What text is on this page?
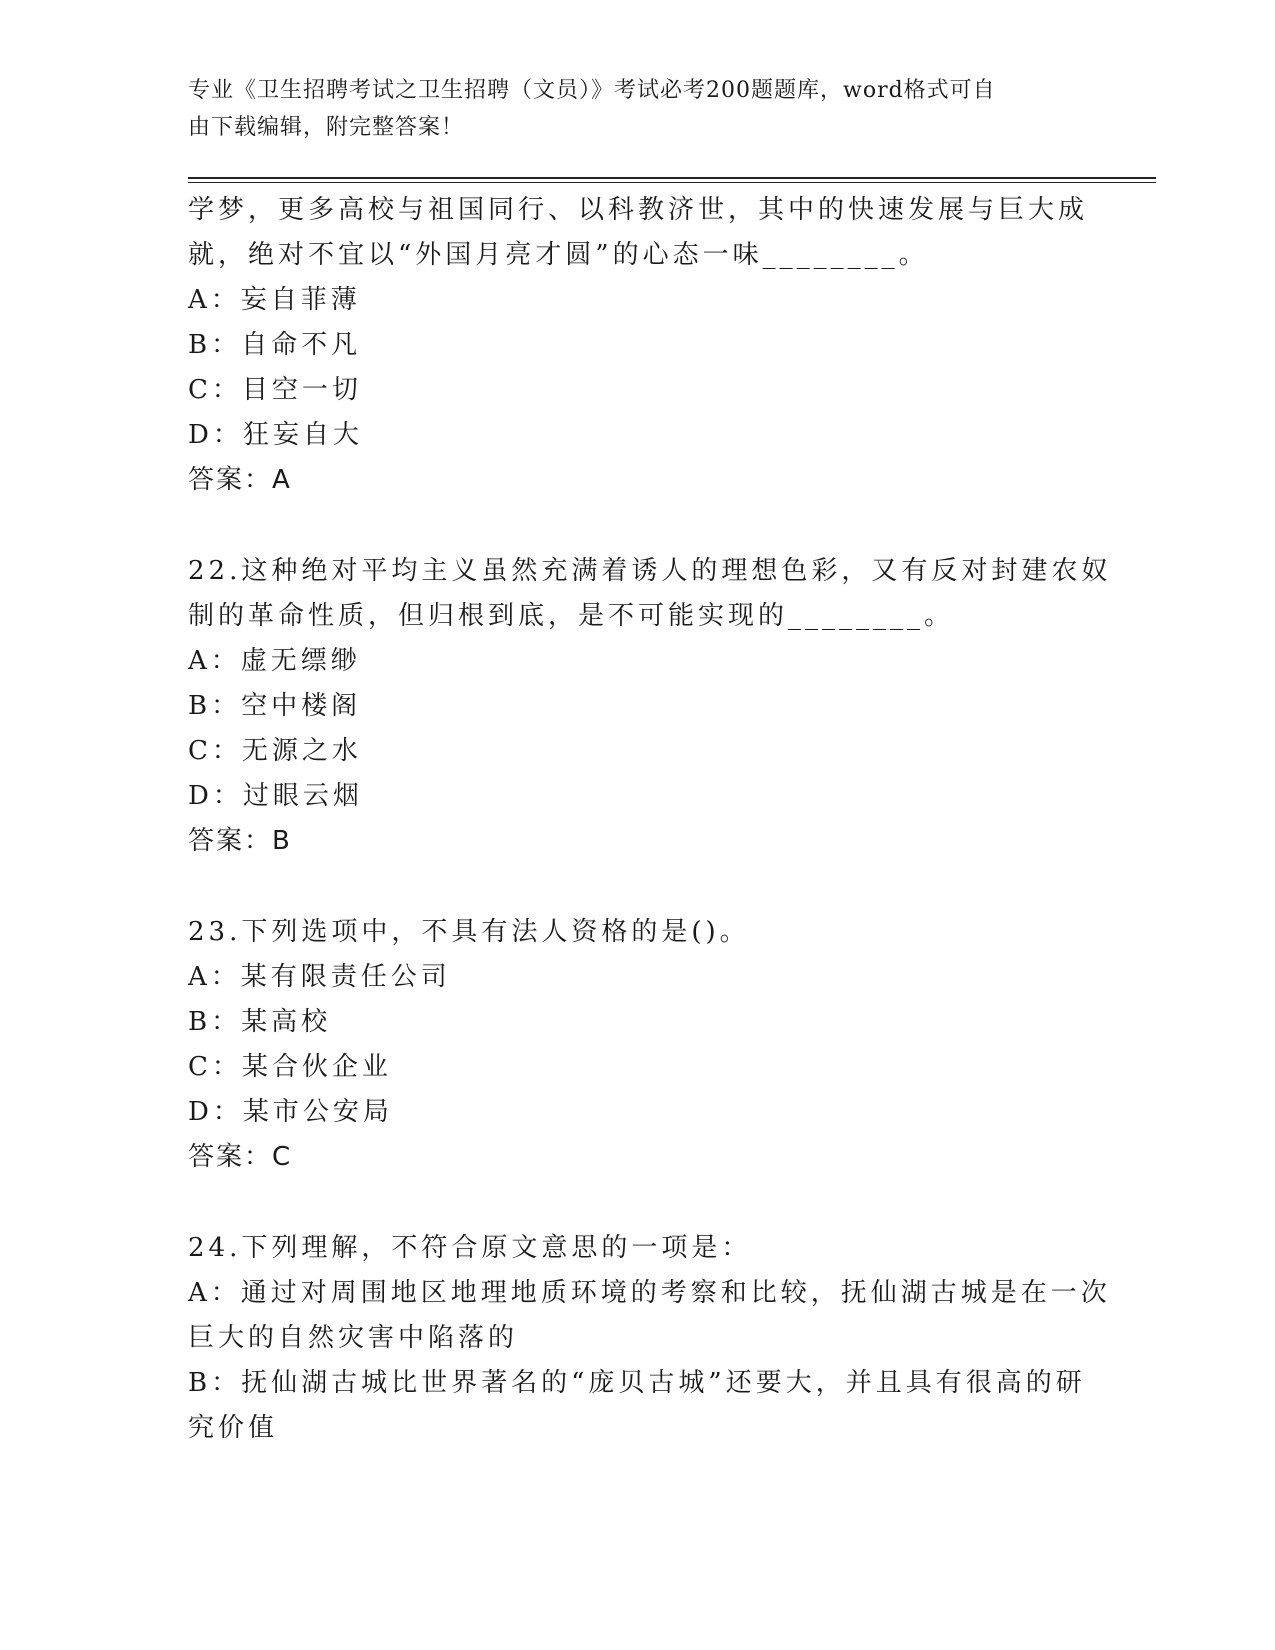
专业《卫生招聘考试之卫生招聘（文员）》考试必考200题题库，word格式可自
由下载编辑，附完整答案！
学梦，更多高校与祖国同行、以科教济世，其中的快速发展与巨大成
就，绝对不宜以“外国月亮才圆”的心态一味________。
A：妄自菲薄
B：自命不凡
C：目空一切
D：狂妄自大
答案：A
22.这种绝对平均主义虽然充满着诱人的理想色彩，又有反对封建农奴
制的革命性质，但归根到底，是不可能实现的________。
A：虚无缥缈
B：空中楼阁
C：无源之水
D：过眼云烟
答案：B
23.下列选项中，不具有法人资格的是()。
A：某有限责任公司
B：某高校
C：某合伙企业
D：某市公安局
答案：C
24.下列理解，不符合原文意思的一项是：
A：通过对周围地区地理地质环境的考察和比较，抚仙湖古城是在一次
巨大的自然灾害中陷落的
B：抚仙湖古城比世界著名的“庞贝古城”还要大，并且具有很高的研
究价值
